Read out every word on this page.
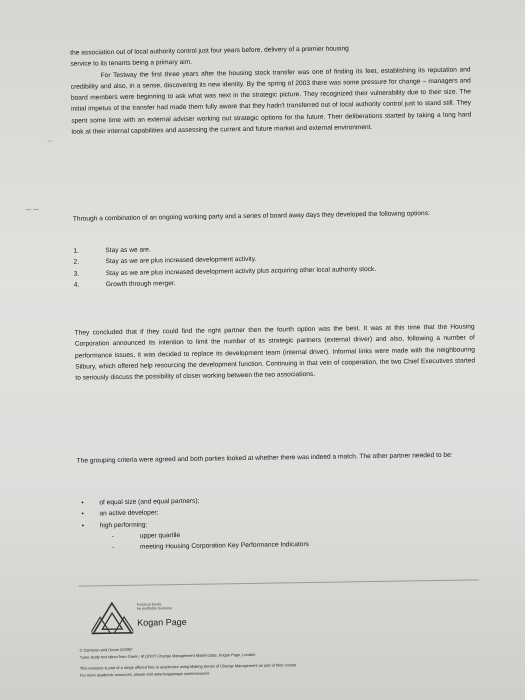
–
∽∽

the association out of local authority control just four years before, delivery of a premier housing

service to its tenants being a primary aim.

For Testway the first three years after the housing stock transfer was one of finding its feet, establishing its reputation and credibility and also, in a sense, discovering its new identity. By the spring of 2003 there was some pressure for change – managers and board members were beginning to ask what was next in the strategic picture. They recognized their vulnerability due to their size. The initial impetus of the transfer had made them fully aware that they hadn't transferred out of local authority control just to stand still. They spent some time with an external adviser working out strategic options for the future. Their deliberations started by taking a long hard look at their internal capabilities and assessing the current and future market and external environment.

Through a combination of an ongoing working party and a series of board away days they developed the following options:

1.	Stay as we are.
2.	Stay as we are plus increased development activity.
3.	Stay as we are plus increased development activity plus acquiring other local authority stock.
4.	Growth through merger.

They concluded that if they could find the right partner then the fourth option was the best. It was at this time that the Housing Corporation announced its intention to limit the number of its strategic partners (external driver) and also, following a number of performance issues, it was decided to replace its development team (internal driver). Informal links were made with the neighbouring Silbury, which offered help resourcing the development function. Continuing in that vein of cooperation, the two Chief Executives started to seriously discuss the possibility of closer working between the two associations.

The grouping criteria were agreed and both parties looked at whether there was indeed a match. The other partner needed to be:

•	of equal size (and equal partners);
•	an active developer;
•	high performing:
-	upper quartile
-	meeting Housing Corporation Key Performance Indicators
Practical books
for profitable business
Kogan Page

© Cameron and Green (2009)*

*case study text taken from Green, M (2007) Change Management Masterclass, Kogan Page, London.

This resource is part of a range offered free to academics using Making Sense of Change Management as part of their course.

For more academic resources, please visit www.koganpage.com/resources
